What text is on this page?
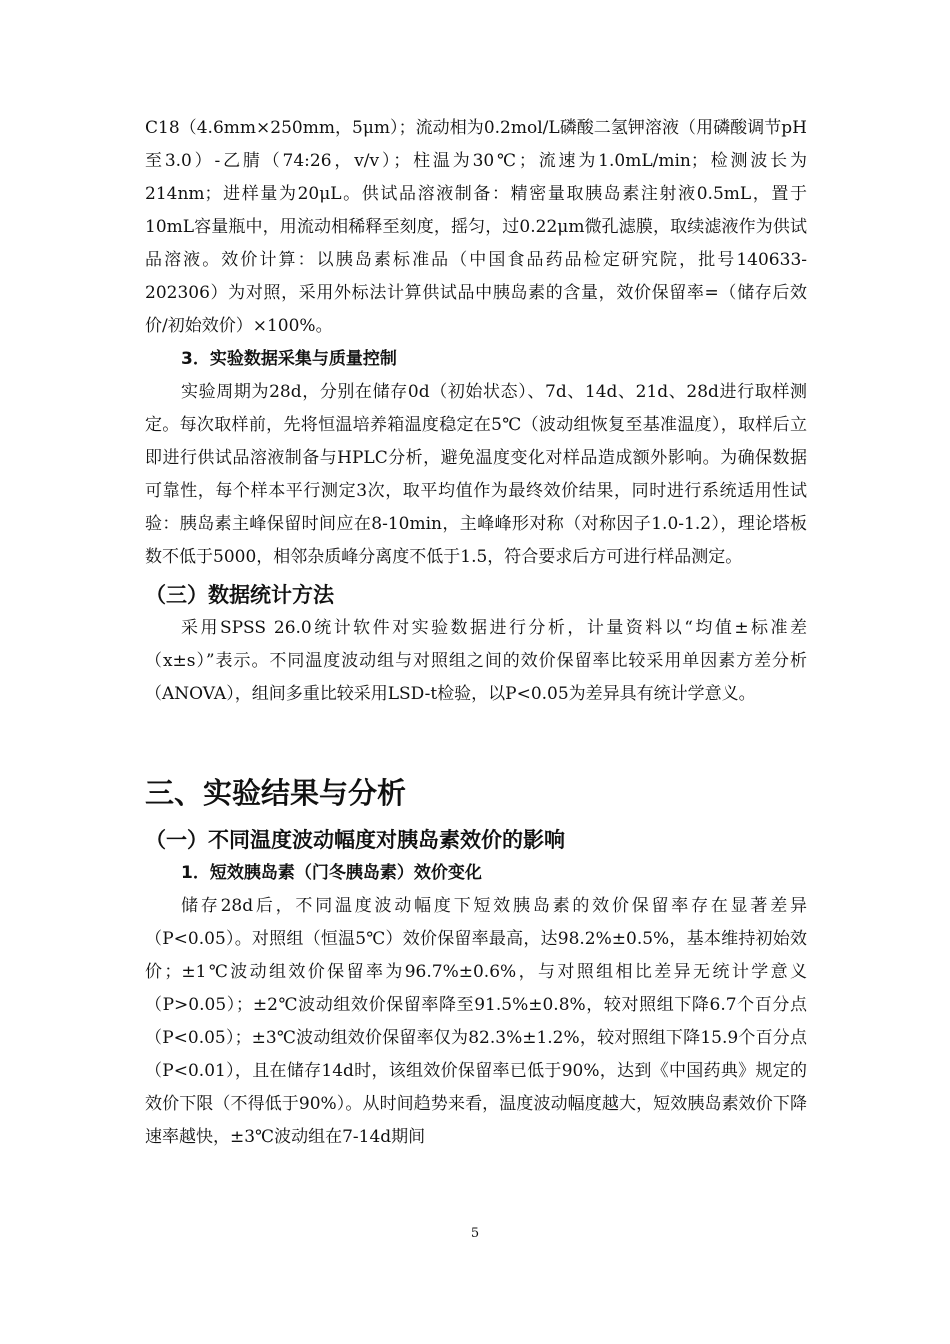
C18（4.6mm×250mm，5μm）；流动相为0.2mol/L磷酸二氢钾溶液（用磷酸调节pH至3.0）-乙腈（74:26，v/v）；柱温为30℃；流速为1.0mL/min；检测波长为214nm；进样量为20μL。供试品溶液制备：精密量取胰岛素注射液0.5mL，置于10mL容量瓶中，用流动相稀释至刻度，摇匀，过0.22μm微孔滤膜，取续滤液作为供试品溶液。效价计算：以胰岛素标准品（中国食品药品检定研究院，批号140633-202306）为对照，采用外标法计算供试品中胰岛素的含量，效价保留率=（储存后效价/初始效价）×100%。

3．实验数据采集与质量控制

实验周期为28d，分别在储存0d（初始状态）、7d、14d、21d、28d进行取样测定。每次取样前，先将恒温培养箱温度稳定在5℃（波动组恢复至基准温度），取样后立即进行供试品溶液制备与HPLC分析，避免温度变化对样品造成额外影响。为确保数据可靠性，每个样本平行测定3次，取平均值作为最终效价结果，同时进行系统适用性试验：胰岛素主峰保留时间应在8-10min，主峰峰形对称（对称因子1.0-1.2），理论塔板数不低于5000，相邻杂质峰分离度不低于1.5，符合要求后方可进行样品测定。

（三）数据统计方法

采用SPSS 26.0统计软件对实验数据进行分析，计量资料以“均值±标准差（x±s）”表示。不同温度波动组与对照组之间的效价保留率比较采用单因素方差分析（ANOVA），组间多重比较采用LSD-t检验，以P<0.05为差异具有统计学意义。

三、实验结果与分析

（一）不同温度波动幅度对胰岛素效价的影响

1．短效胰岛素（门冬胰岛素）效价变化

储存28d后，不同温度波动幅度下短效胰岛素的效价保留率存在显著差异（P<0.05）。对照组（恒温5℃）效价保留率最高，达98.2%±0.5%，基本维持初始效价；±1℃波动组效价保留率为96.7%±0.6%，与对照组相比差异无统计学意义（P>0.05）；±2℃波动组效价保留率降至91.5%±0.8%，较对照组下降6.7个百分点（P<0.05）；±3℃波动组效价保留率仅为82.3%±1.2%，较对照组下降15.9个百分点（P<0.01），且在储存14d时，该组效价保留率已低于90%，达到《中国药典》规定的效价下限（不得低于90%）。从时间趋势来看，温度波动幅度越大，短效胰岛素效价下降速率越快，±3℃波动组在7-14d期间

5
